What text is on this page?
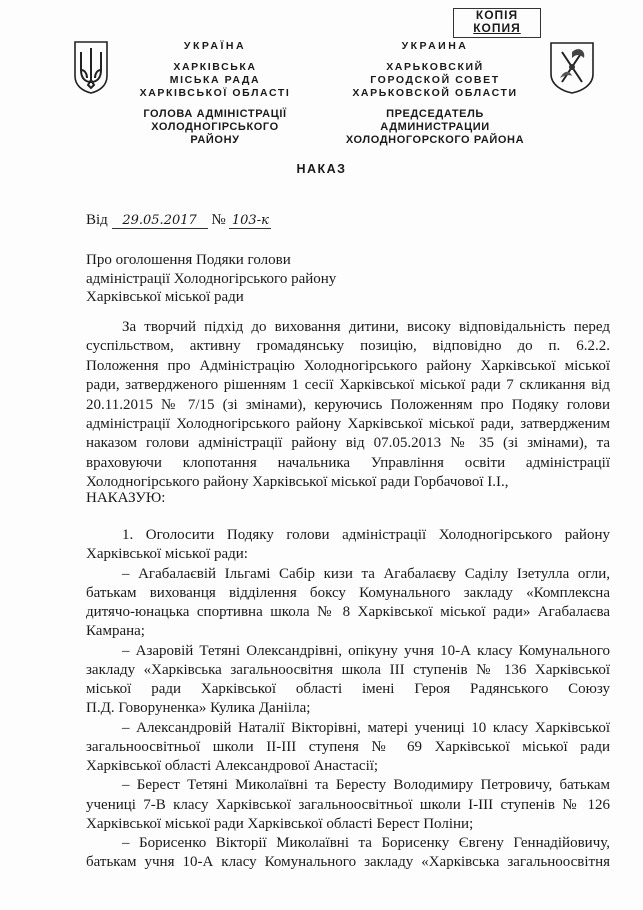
КОПІЯ
КОПИЯ
УКРАЇНА
ХАРКІВСЬКА
МІСЬКА РАДА
ХАРКІВСЬКОЇ ОБЛАСТІ
ГОЛОВА АДМІНІСТРАЦІЇ
ХОЛОДНОГІРСЬКОГО РАЙОНУ
УКРАИНА
ХАРЬКОВСКИЙ
ГОРОДСКОЙ СОВЕТ
ХАРЬКОВСКОЙ ОБЛАСТИ
ПРЕДСЕДАТЕЛЬ АДМИНИСТРАЦИИ
ХОЛОДНОГОРСКОГО РАЙОНА
НАКАЗ
Від 29.05.2017 № 103-к
Про оголошення Подяки голови
адміністрації Холодногірського району
Харківської міської ради
За творчий підхід до виховання дитини, високу відповідальність перед
суспільством, активну громадянську позицію, відповідно до п. 6.2.2.
Положення про Адміністрацію Холодногірського району Харківської міської
ради, затвердженого рішенням 1 сесії Харківської міської ради 7 скликання від
20.11.2015 № 7/15 (зі змінами), керуючись Положенням про Подяку голови
адміністрації Холодногірського району Харківської міської ради, затвердженим
наказом голови адміністрації району від 07.05.2013 № 35 (зі змінами), та
враховуючи клопотання начальника Управління освіти адміністрації
Холодногірського району Харківської міської ради Горбачової І.І.,
НАКАЗУЮ:
1. Оголосити Подяку голови адміністрації Холодногірського району
Харківської міської ради:
– Агабалаєвій Ільгамі Сабір кизи та Агабалаєву Саділу Ізетулла огли,
батькам вихованця відділення боксу Комунального закладу «Комплексна
дитячо-юнацька спортивна школа № 8 Харківської міської ради» Агабалаєва
Камрана;
– Азаровій Тетяні Олександрівні, опікуну учня 10-А класу Комунального
закладу «Харківська загальноосвітня школа ІІІ ступенів № 136 Харківської
міської ради Харківської області імені Героя Радянського Союзу
П.Д. Говоруненка» Кулика Данііла;
– Александровій Наталії Вікторівні, матері учениці 10 класу Харківської
загальноосвітньої школи ІІ-ІІІ ступеня № 69 Харківської міської ради
Харківської області Александрової Анастасії;
– Берест Тетяні Миколаївні та Бересту Володимиру Петровичу, батькам
учениці 7-В класу Харківської загальноосвітньої школи І-ІІІ ступенів № 126
Харківської міської ради Харківської області Берест Поліни;
– Борисенко Вікторії Миколаївні та Борисенку Євгену Геннадійовичу,
батькам учня 10-А класу Комунального закладу «Харківська загальноосвітня
